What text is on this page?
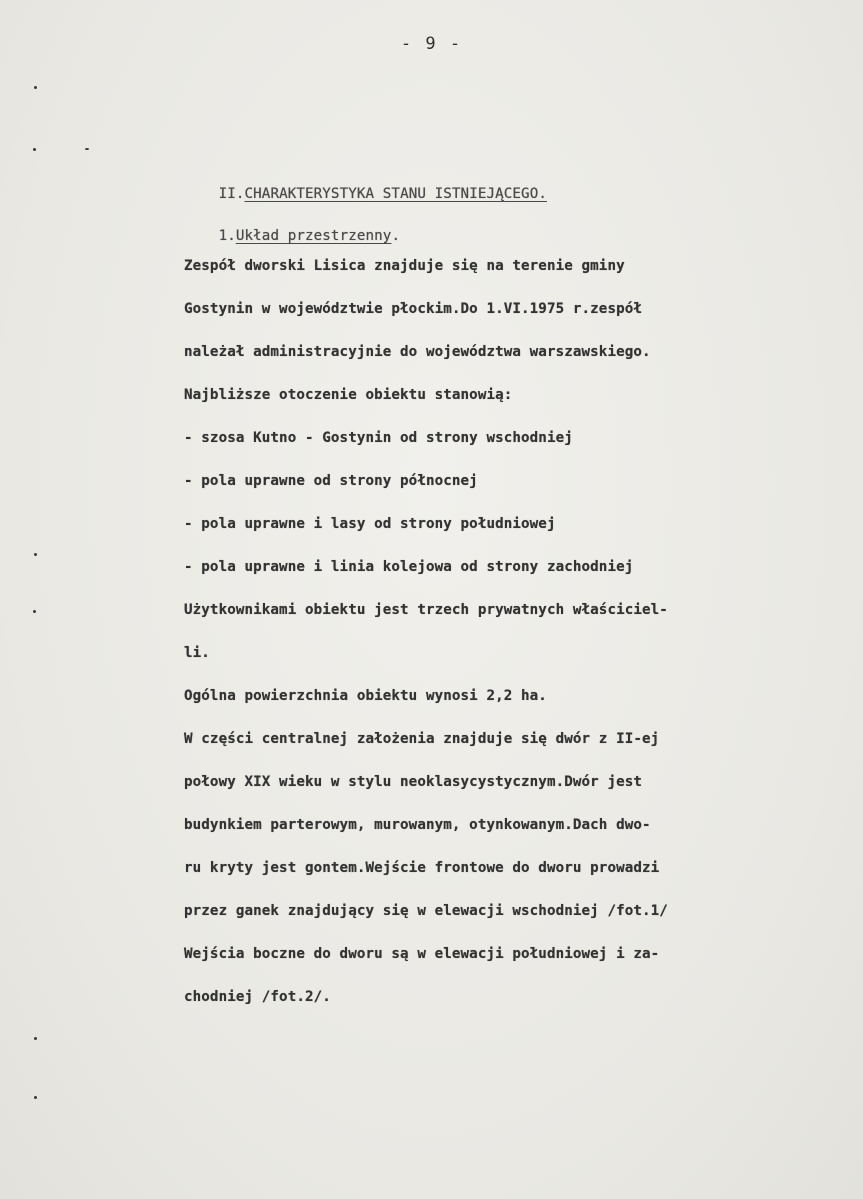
- 9 -

II.CHARAKTERYSTYKA STANU ISTNIEJĄCEGO.

1.Układ przestrzenny.

Zespół dworski Lisica znajduje się na terenie gminy
Gostynin w województwie płockim.Do 1.VI.1975 r.zespół
należał administracyjnie do województwa warszawskiego.
Najbliższe otoczenie obiektu stanowią:
- szosa Kutno - Gostynin od strony wschodniej
- pola uprawne od strony północnej
- pola uprawne i lasy od strony południowej
- pola uprawne i linia kolejowa od strony zachodniej
Użytkownikami obiektu jest trzech prywatnych właściciel-
li.
Ogólna powierzchnia obiektu wynosi 2,2 ha.
W części centralnej założenia znajduje się dwór z II-ej
połowy XIX wieku w stylu neoklasycystycznym.Dwór jest
budynkiem parterowym, murowanym, otynkowanym.Dach dwo-
ru kryty jest gontem.Wejście frontowe do dworu prowadzi
przez ganek znajdujący się w elewacji wschodniej /fot.1/
Wejścia boczne do dworu są w elewacji południowej i za-
chodniej /fot.2/.
